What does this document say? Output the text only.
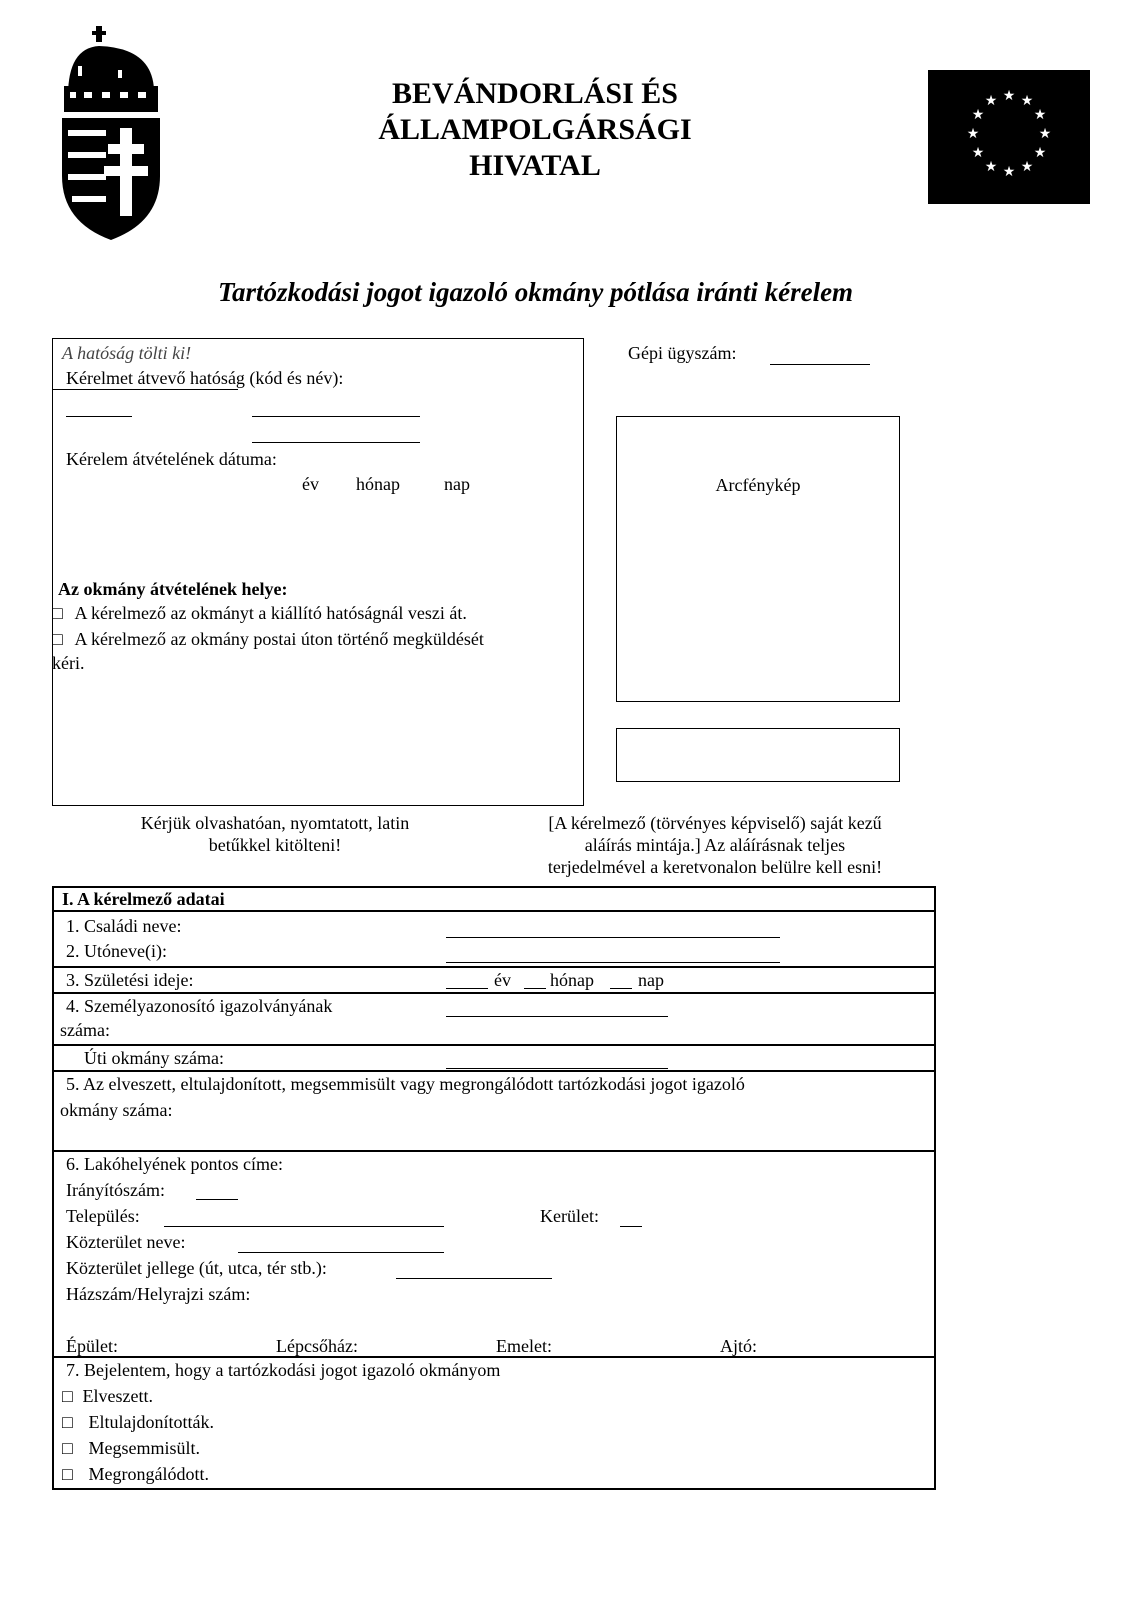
BEVÁNDORLÁSI ÉS
ÁLLAMPOLGÁRSÁGI
HIVATAL
★ ★
★
★
★
★
★
★
★
★
★
★
Tartózkodási jogot igazoló okmány pótlása iránti kérelem
A hatóság tölti ki!
Kérelmet átvevő hatóság (kód és név):
Kérelem átvételének dátuma:
év hónap nap
Az okmány átvételének helye:
□ A kérelmező az okmányt a kiállító hatóságnál veszi át.
□ A kérelmező az okmány postai úton történő megküldését
kéri.
Gépi ügyszám:
Arcfénykép
Kérjük olvashatóan, nyomtatott, latin
betűkkel kitölteni!
[A kérelmező (törvényes képviselő) saját kezű
aláírás mintája.] Az aláírásnak teljes
terjedelmével a keretvonalon belülre kell esni!
I. A kérelmező adatai
1. Családi neve:
2. Utóneve(i):
3. Születési ideje:	év hónap nap
4. Személyazonosító igazolványának
száma:
Úti okmány száma:
5. Az elveszett, eltulajdonított, megsemmisült vagy megrongálódott tartózkodási jogot igazoló
okmány száma:
6. Lakóhelyének pontos címe:
Irányítószám:
Település:	Kerület:
Közterület neve:
Közterület jellege (út, utca, tér stb.):
Házszám/Helyrajzi szám:
Épület:	Lépcsőház:	Emelet:	Ajtó:
7. Bejelentem, hogy a tartózkodási jogot igazoló okmányom
□ Elveszett.
□ Eltulajdonították.
□ Megsemmisült.
□ Megrongálódott.
